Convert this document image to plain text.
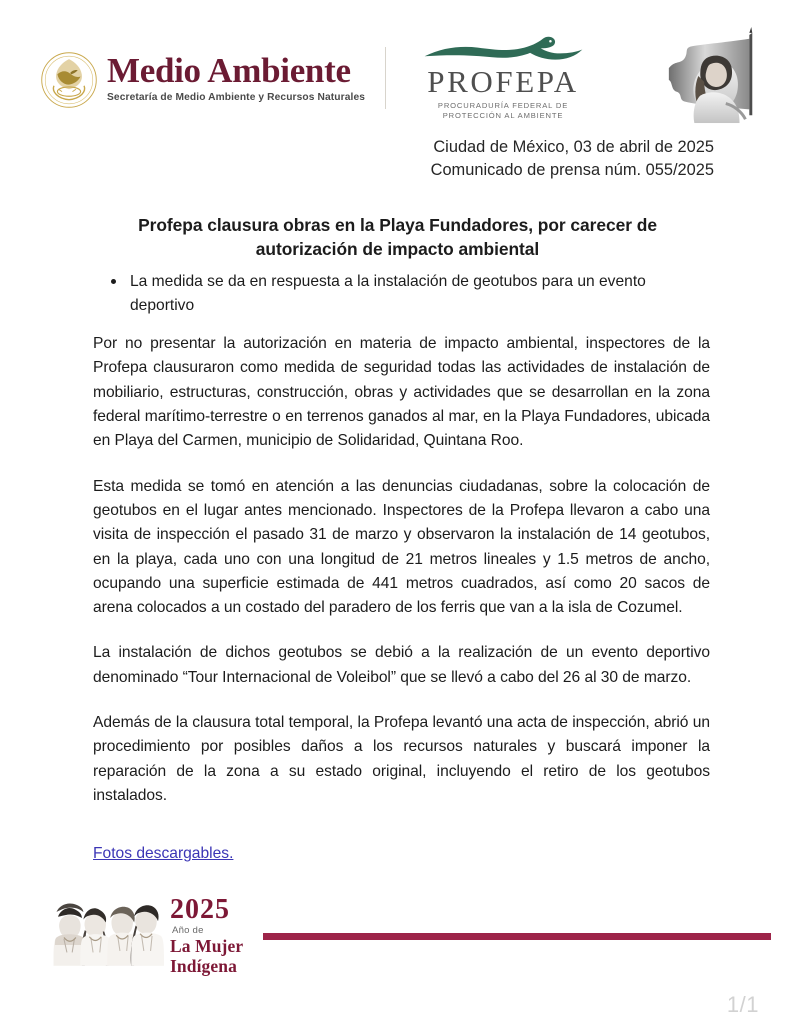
Medio Ambiente
Secretaría de Medio Ambiente y Recursos Naturales PROFEPA
PROCURADURÍA FEDERAL DE
PROTECCIÓN AL AMBIENTE
Ciudad de México, 03 de abril de 2025
Comunicado de prensa núm. 055/2025
Profepa clausura obras en la Playa Fundadores, por carecer de autorización de impacto ambiental
La medida se da en respuesta a la instalación de geotubos para un evento deportivo

Por no presentar la autorización en materia de impacto ambiental, inspectores de la Profepa clausuraron como medida de seguridad todas las actividades de instalación de mobiliario, estructuras, construcción, obras y actividades que se desarrollan en la zona federal marítimo-terrestre o en terrenos ganados al mar, en la Playa Fundadores, ubicada en Playa del Carmen, municipio de Solidaridad, Quintana Roo.

Esta medida se tomó en atención a las denuncias ciudadanas, sobre la colocación de geotubos en el lugar antes mencionado. Inspectores de la Profepa llevaron a cabo una visita de inspección el pasado 31 de marzo y observaron la instalación de 14 geotubos, en la playa, cada uno con una longitud de 21 metros lineales y 1.5 metros de ancho, ocupando una superficie estimada de 441 metros cuadrados, así como 20 sacos de arena colocados a un costado del paradero de los ferris que van a la isla de Cozumel.

La instalación de dichos geotubos se debió a la realización de un evento deportivo denominado “Tour Internacional de Voleibol” que se llevó a cabo del 26 al 30 de marzo.

Además de la clausura total temporal, la Profepa levantó una acta de inspección, abrió un procedimiento por posibles daños a los recursos naturales y buscará imponer la reparación de la zona a su estado original, incluyendo el retiro de los geotubos instalados.

Fotos descargables.
2025
Año de
La Mujer
Indígena
1/1
